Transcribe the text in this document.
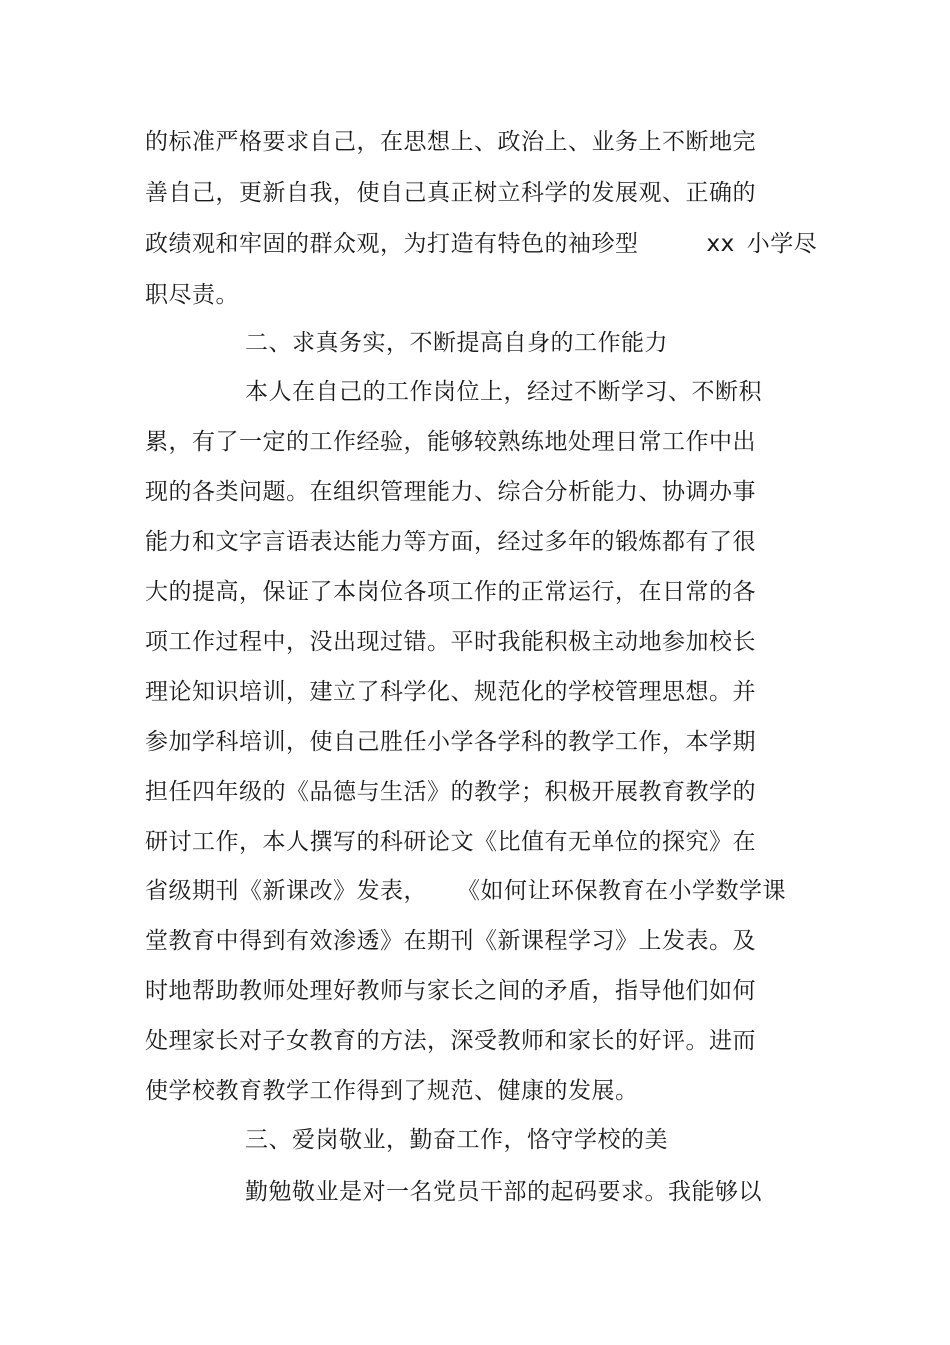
的标准严格要求自己，在思想上、政治上、业务上不断地完
善自己，更新自我，使自己真正树立科学的发展观、正确的
政绩观和牢固的群众观，为打造有特色的袖珍型	xx 小学尽
职尽责。
二、求真务实，不断提高自身的工作能力
本人在自己的工作岗位上，经过不断学习、不断积
累，有了一定的工作经验，能够较熟练地处理日常工作中出
现的各类问题。在组织管理能力、综合分析能力、协调办事
能力和文字言语表达能力等方面，经过多年的锻炼都有了很
大的提高，保证了本岗位各项工作的正常运行，在日常的各
项工作过程中，没出现过错。平时我能积极主动地参加校长
理论知识培训，建立了科学化、规范化的学校管理思想。并
参加学科培训，使自己胜任小学各学科的教学工作，本学期
担任四年级的《品德与生活》的教学；积极开展教育教学的
研讨工作，本人撰写的科研论文《比值有无单位的探究》在
省级期刊《新课改》发表， 《如何让环保教育在小学数学课
堂教育中得到有效渗透》在期刊《新课程学习》上发表。及
时地帮助教师处理好教师与家长之间的矛盾，指导他们如何
处理家长对子女教育的方法，深受教师和家长的好评。进而
使学校教育教学工作得到了规范、健康的发展。
三、爱岗敬业，勤奋工作，恪守学校的美
勤勉敬业是对一名党员干部的起码要求。我能够以
